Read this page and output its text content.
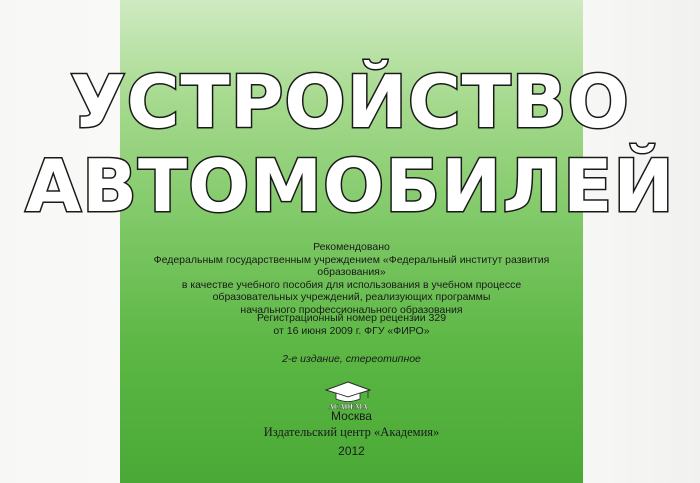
УСТРОЙСТВО
АВТОМОБИЛЕЙ
Рекомендовано
Федеральным государственным учреждением «Федеральный институт развития образования»
в качестве учебного пособия для использования в учебном процессе
образовательных учреждений, реализующих программы
начального профессионального образования
Регистрационный номер рецензии 329
от 16 июня 2009 г. ФГУ «ФИРО»
2-е издание, стереотипное
ACADEMA
Москва
Издательский центр «Академия»
2012
